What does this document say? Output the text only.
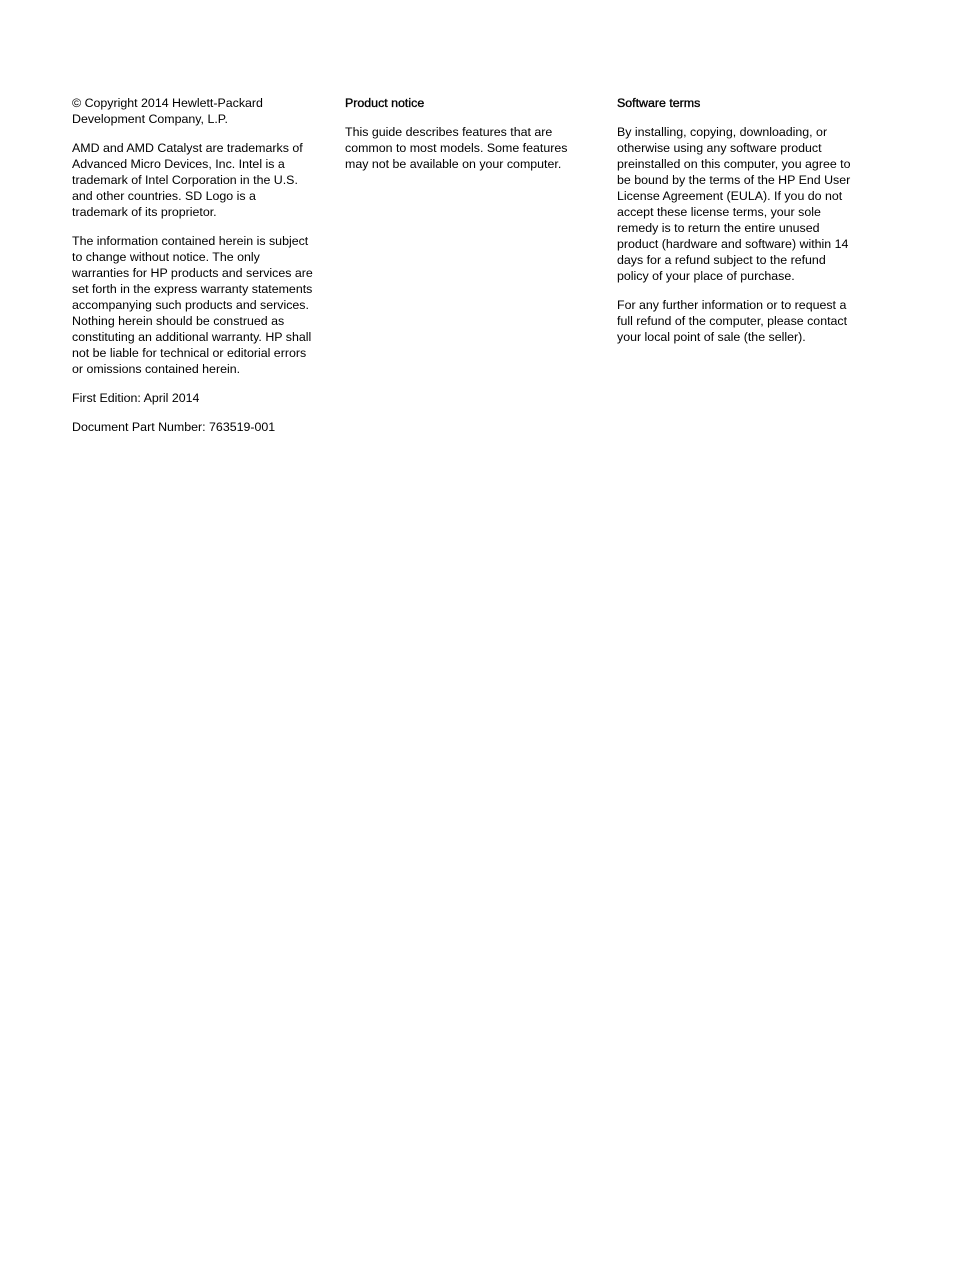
© Copyright 2014 Hewlett-Packard
Development Company, L.P.

AMD and AMD Catalyst are trademarks of
Advanced Micro Devices, Inc. Intel is a
trademark of Intel Corporation in the U.S.
and other countries. SD Logo is a
trademark of its proprietor.

The information contained herein is subject
to change without notice. The only
warranties for HP products and services are
set forth in the express warranty statements
accompanying such products and services.
Nothing herein should be construed as
constituting an additional warranty. HP shall
not be liable for technical or editorial errors
or omissions contained herein.

First Edition: April 2014

Document Part Number: 763519-001

Product notice

This guide describes features that are
common to most models. Some features
may not be available on your computer.

Software terms

By installing, copying, downloading, or
otherwise using any software product
preinstalled on this computer, you agree to
be bound by the terms of the HP End User
License Agreement (EULA). If you do not
accept these license terms, your sole
remedy is to return the entire unused
product (hardware and software) within 14
days for a refund subject to the refund
policy of your place of purchase.

For any further information or to request a
full refund of the computer, please contact
your local point of sale (the seller).
